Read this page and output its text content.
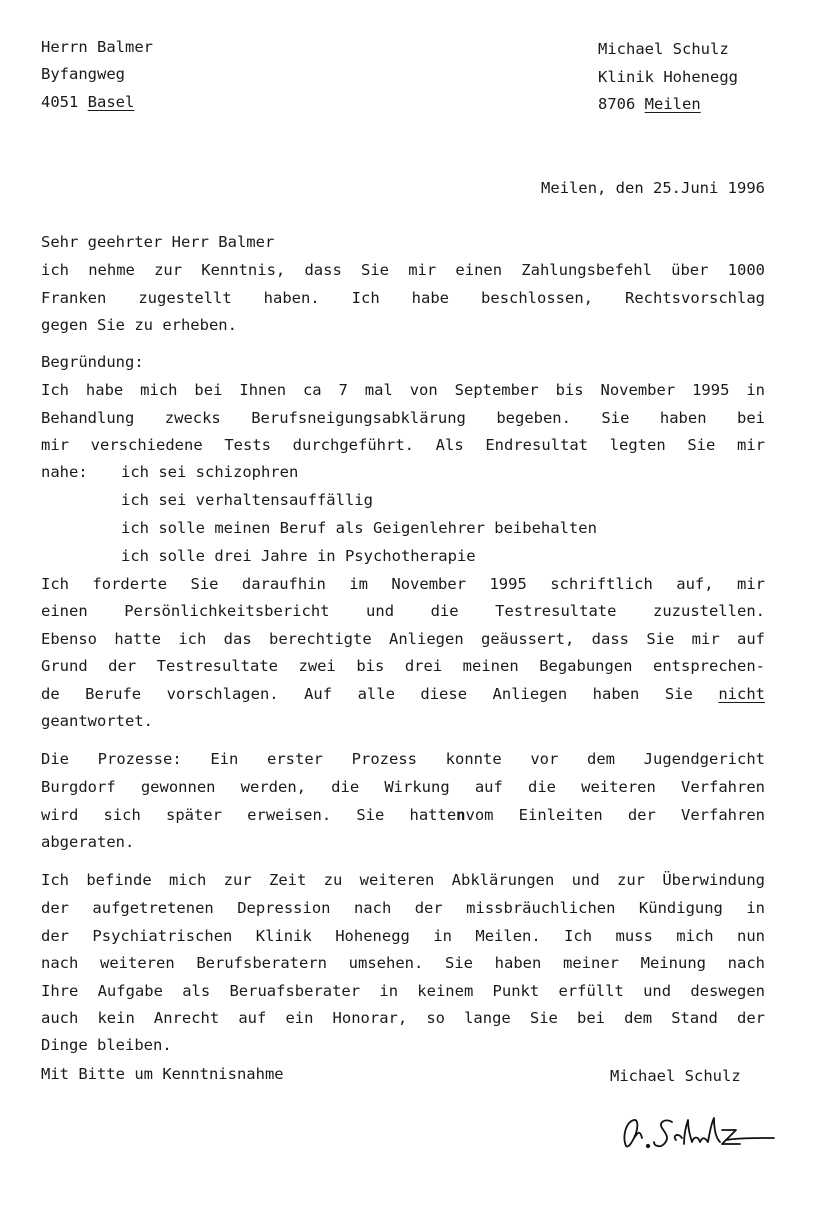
Herrn Balmer
Byfangweg
4051 Basel
Michael Schulz
Klinik Hohenegg
8706 Meilen
Meilen, den 25.Juni 1996
Sehr geehrter Herr Balmer
ich nehme zur Kenntnis, dass Sie mir einen Zahlungsbefehl über 1000
Franken zugestellt haben. Ich habe beschlossen, Rechtsvorschlag
gegen Sie zu erheben.
Begründung:
Ich habe mich bei Ihnen ca 7 mal von September bis November 1995 in
Behandlung zwecks Berufsneigungsabklärung begeben. Sie haben bei
mir verschiedene Tests durchgeführt. Als Endresultat legten Sie mir
nahe: ich sei schizophren
ich sei verhaltensauffällig
ich solle meinen Beruf als Geigenlehrer beibehalten
ich solle drei Jahre in Psychotherapie
Ich forderte Sie daraufhin im November 1995 schriftlich auf, mir
einen Persönlichkeitsbericht und die Testresultate zuzustellen.
Ebenso hatte ich das berechtigte Anliegen geäussert, dass Sie mir auf
Grund der Testresultate zwei bis drei meinen Begabungen entsprechen-
de Berufe vorschlagen. Auf alle diese Anliegen haben Sie nicht
geantwortet.
Die Prozesse: Ein erster Prozess konnte vor dem Jugendgericht
Burgdorf gewonnen werden, die Wirkung auf die weiteren Verfahren
wird sich später erweisen. Sie hattenvom Einleiten der Verfahren
abgeraten.
Ich befinde mich zur Zeit zu weiteren Abklärungen und zur Überwindung
der aufgetretenen Depression nach der missbräuchlichen Kündigung in
der Psychiatrischen Klinik Hohenegg in Meilen. Ich muss mich nun
nach weiteren Berufsberatern umsehen. Sie haben meiner Meinung nach
Ihre Aufgabe als Beruafsberater in keinem Punkt erfüllt und deswegen
auch kein Anrecht auf ein Honorar, so lange Sie bei dem Stand der
Dinge bleiben.
Mit Bitte um Kenntnisnahme	Michael Schulz
